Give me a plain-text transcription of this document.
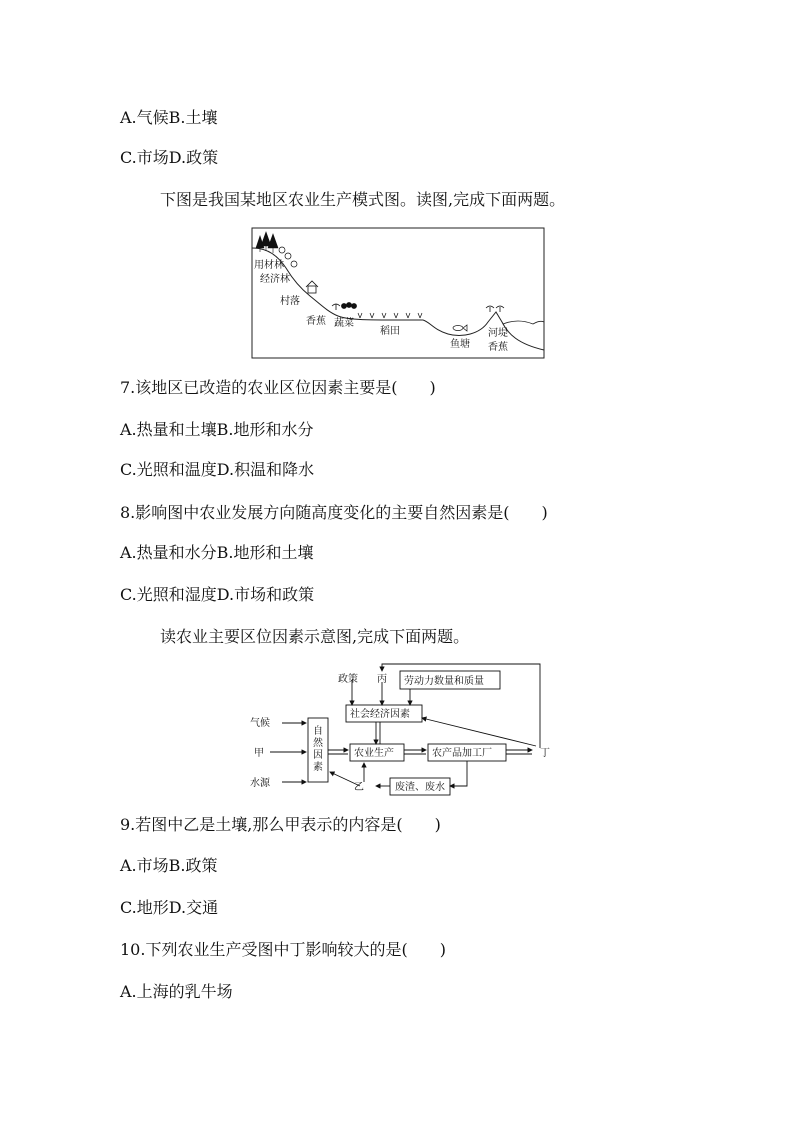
A.气候B.土壤
C.市场D.政策
下图是我国某地区农业生产模式图。读图,完成下面两题。
用材林
经济林
村落
香蕉 蔬菜
稻田
鱼塘
河堤
香蕉
7.该地区已改造的农业区位因素主要是(　　)
A.热量和土壤B.地形和水分
C.光照和温度D.积温和降水
8.影响图中农业发展方向随高度变化的主要自然因素是(　　)
A.热量和水分B.地形和土壤
C.光照和湿度D.市场和政策
读农业主要区位因素示意图,完成下面两题。
政策 丙 劳动力数量和质量
社会经济因素
气候
甲
水源
自
然
因
素
农业生产	农产品加工厂	丁
乙	废渣、废水
9.若图中乙是土壤,那么甲表示的内容是(　　)
A.市场B.政策
C.地形D.交通
10.下列农业生产受图中丁影响较大的是(　　)
A.上海的乳牛场
